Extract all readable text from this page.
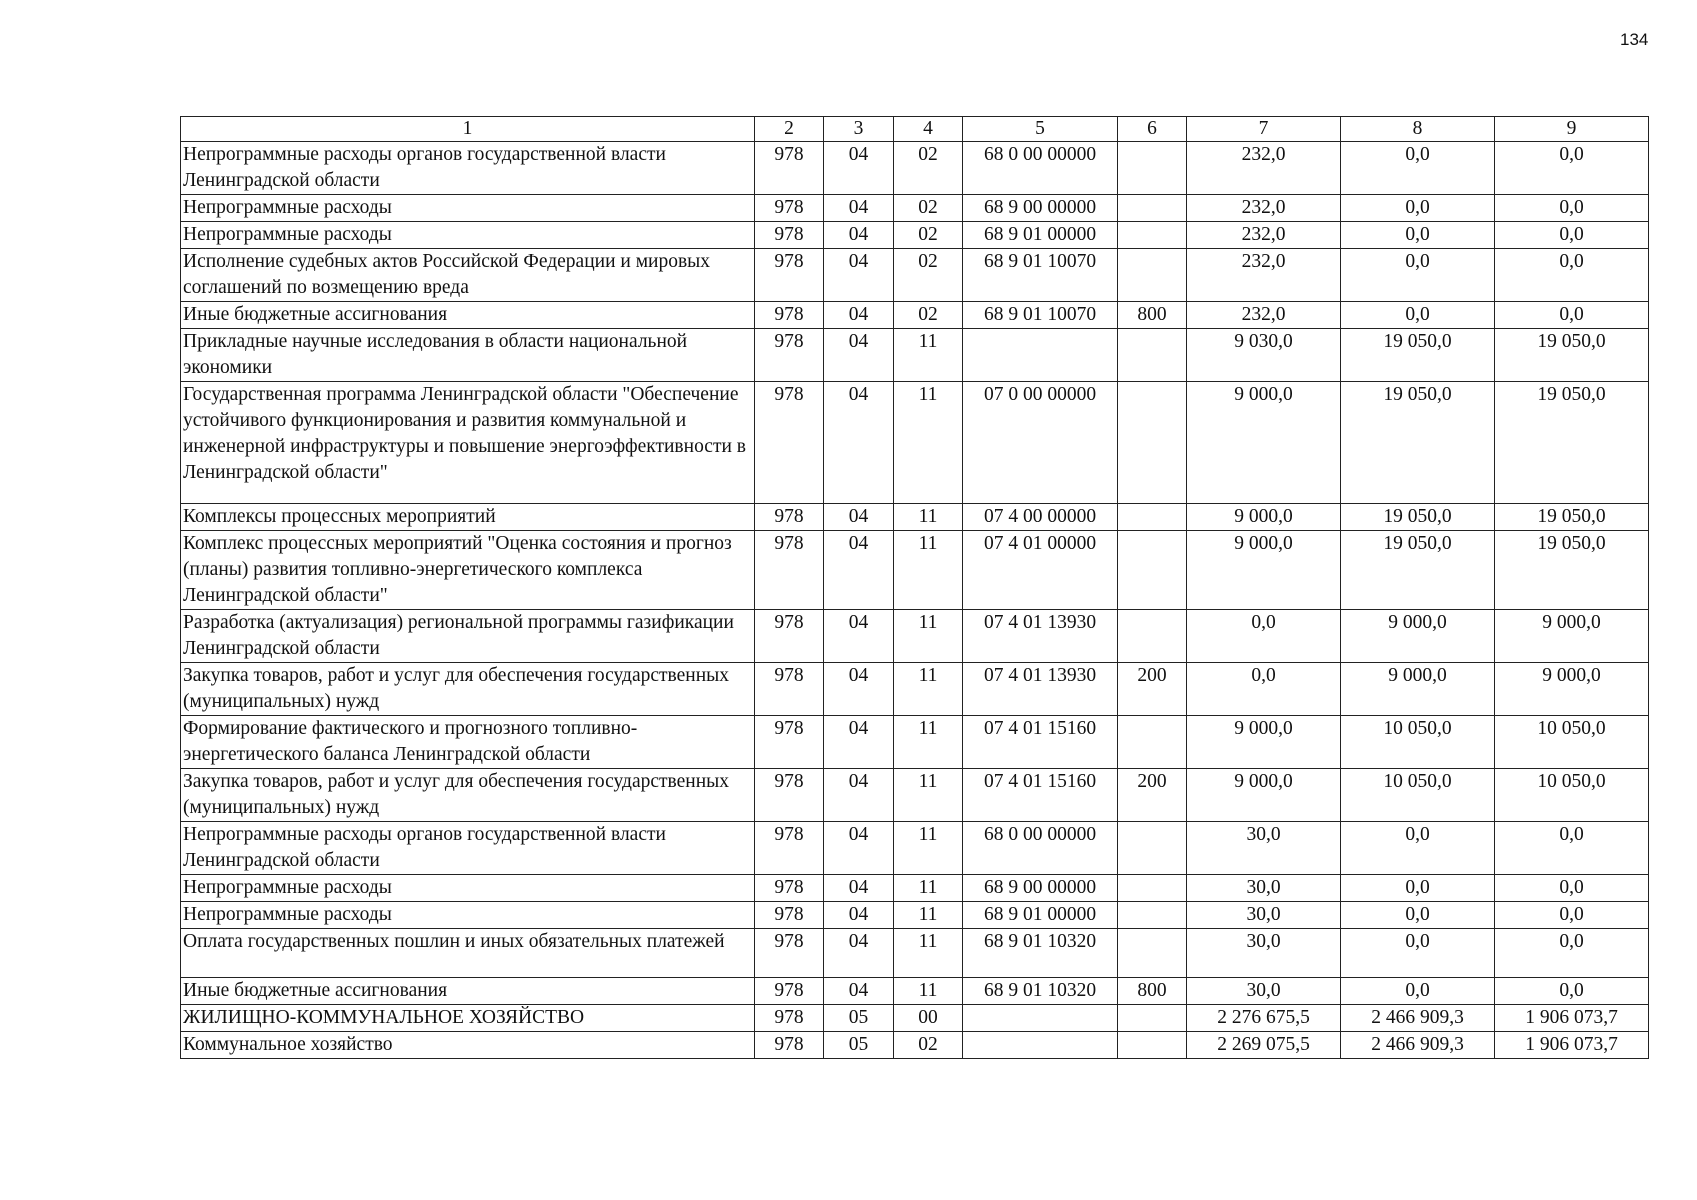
134
1	2	3	4	5	6	7	8	9
Непрограммные расходы органов государственной власти Ленинградской области	978	04	02	68 0 00 00000		232,0	0,0	0,0
Непрограммные расходы	978	04	02	68 9 00 00000		232,0	0,0	0,0
Непрограммные расходы	978	04	02	68 9 01 00000		232,0	0,0	0,0
Исполнение судебных актов Российской Федерации и мировых соглашений по возмещению вреда	978	04	02	68 9 01 10070		232,0	0,0	0,0
Иные бюджетные ассигнования	978	04	02	68 9 01 10070	800	232,0	0,0	0,0
Прикладные научные исследования в области национальной экономики	978	04	11			9 030,0	19 050,0	19 050,0
Государственная программа Ленинградской области "Обеспечение устойчивого функционирования и развития коммунальной и инженерной инфраструктуры и повышение энергоэффективности в Ленинградской области"	978	04	11	07 0 00 00000		9 000,0	19 050,0	19 050,0
Комплексы процессных мероприятий	978	04	11	07 4 00 00000		9 000,0	19 050,0	19 050,0
Комплекс процессных мероприятий "Оценка состояния и прогноз (планы) развития топливно-энергетического комплекса Ленинградской области"	978	04	11	07 4 01 00000		9 000,0	19 050,0	19 050,0
Разработка (актуализация) региональной программы газификации Ленинградской области	978	04	11	07 4 01 13930		0,0	9 000,0	9 000,0
Закупка товаров, работ и услуг для обеспечения государственных (муниципальных) нужд	978	04	11	07 4 01 13930	200	0,0	9 000,0	9 000,0
Формирование фактического и прогнозного топливно-энергетического баланса Ленинградской области	978	04	11	07 4 01 15160		9 000,0	10 050,0	10 050,0
Закупка товаров, работ и услуг для обеспечения государственных (муниципальных) нужд	978	04	11	07 4 01 15160	200	9 000,0	10 050,0	10 050,0
Непрограммные расходы органов государственной власти Ленинградской области	978	04	11	68 0 00 00000		30,0	0,0	0,0
Непрограммные расходы	978	04	11	68 9 00 00000		30,0	0,0	0,0
Непрограммные расходы	978	04	11	68 9 01 00000		30,0	0,0	0,0
Оплата государственных пошлин и иных обязательных платежей	978	04	11	68 9 01 10320		30,0	0,0	0,0
Иные бюджетные ассигнования	978	04	11	68 9 01 10320	800	30,0	0,0	0,0
ЖИЛИЩНО-КОММУНАЛЬНОЕ ХОЗЯЙСТВО	978	05	00			2 276 675,5	2 466 909,3	1 906 073,7
Коммунальное хозяйство	978	05	02			2 269 075,5	2 466 909,3	1 906 073,7
